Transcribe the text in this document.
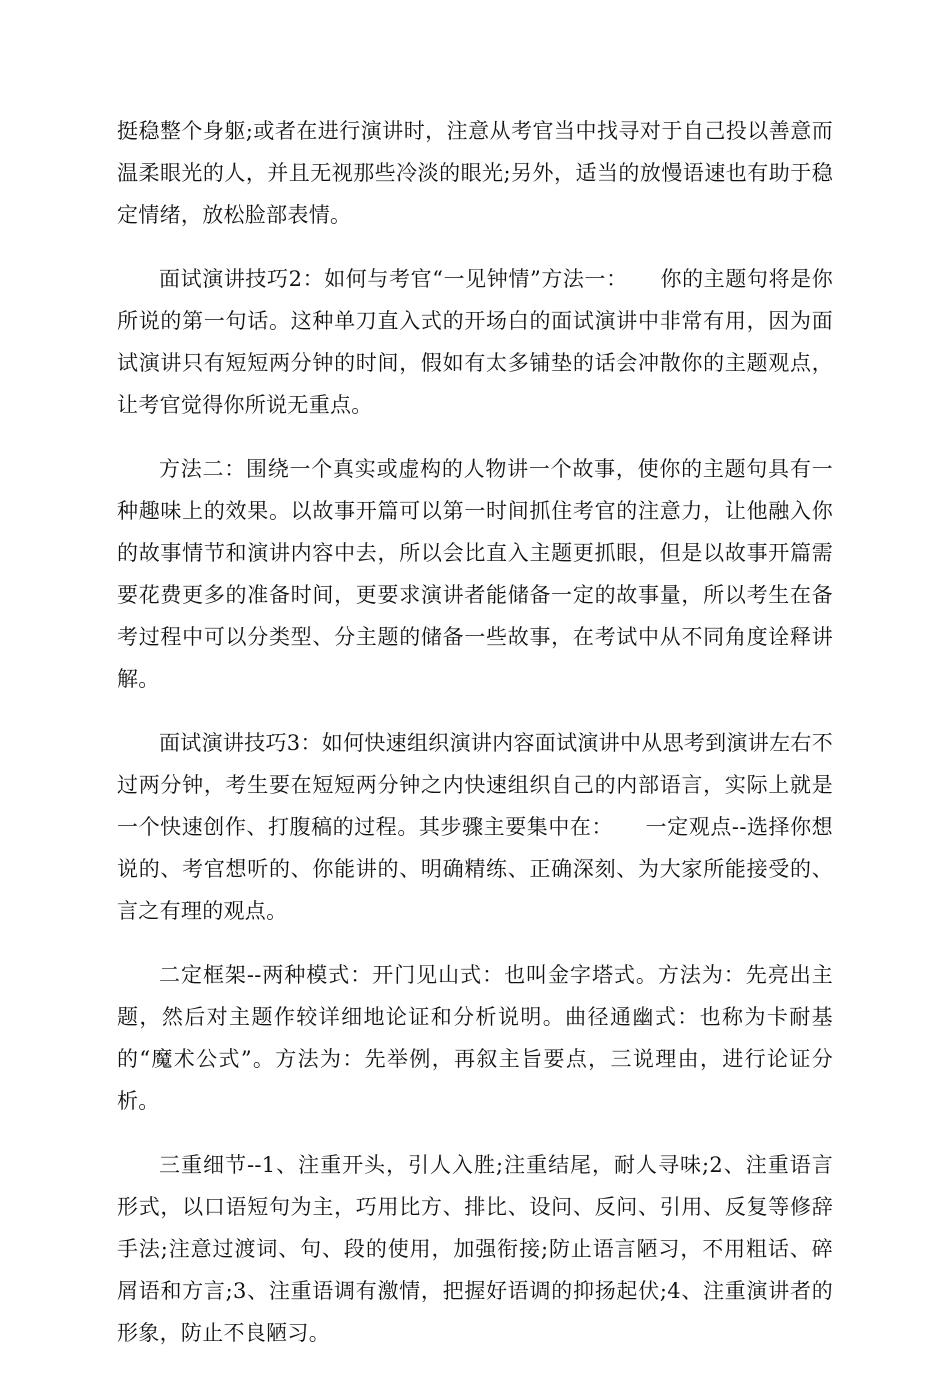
挺稳整个身躯;或者在进行演讲时，注意从考官当中找寻对于自己投以善意而温柔眼光的人，并且无视那些冷淡的眼光;另外，适当的放慢语速也有助于稳定情绪，放松脸部表情。

面试演讲技巧2：如何与考官“一见钟情”方法一：　　你的主题句将是你所说的第一句话。这种单刀直入式的开场白的面试演讲中非常有用，因为面试演讲只有短短两分钟的时间，假如有太多铺垫的话会冲散你的主题观点，让考官觉得你所说无重点。

方法二：围绕一个真实或虚构的人物讲一个故事，使你的主题句具有一种趣味上的效果。以故事开篇可以第一时间抓住考官的注意力，让他融入你的故事情节和演讲内容中去，所以会比直入主题更抓眼，但是以故事开篇需要花费更多的准备时间，更要求演讲者能储备一定的故事量，所以考生在备考过程中可以分类型、分主题的储备一些故事，在考试中从不同角度诠释讲解。

面试演讲技巧3：如何快速组织演讲内容面试演讲中从思考到演讲左右不过两分钟，考生要在短短两分钟之内快速组织自己的内部语言，实际上就是一个快速创作、打腹稿的过程。其步骤主要集中在：　　一定观点--选择你想说的、考官想听的、你能讲的、明确精练、正确深刻、为大家所能接受的、言之有理的观点。

二定框架--两种模式：开门见山式：也叫金字塔式。方法为：先亮出主题，然后对主题作较详细地论证和分析说明。曲径通幽式：也称为卡耐基的“魔术公式”。方法为：先举例，再叙主旨要点，三说理由，进行论证分析。

三重细节--1、注重开头，引人入胜;注重结尾，耐人寻味;2、注重语言形式，以口语短句为主，巧用比方、排比、设问、反问、引用、反复等修辞手法;注意过渡词、句、段的使用，加强衔接;防止语言陋习，不用粗话、碎屑语和方言;3、注重语调有激情，把握好语调的抑扬起伏;4、注重演讲者的形象，防止不良陋习。
